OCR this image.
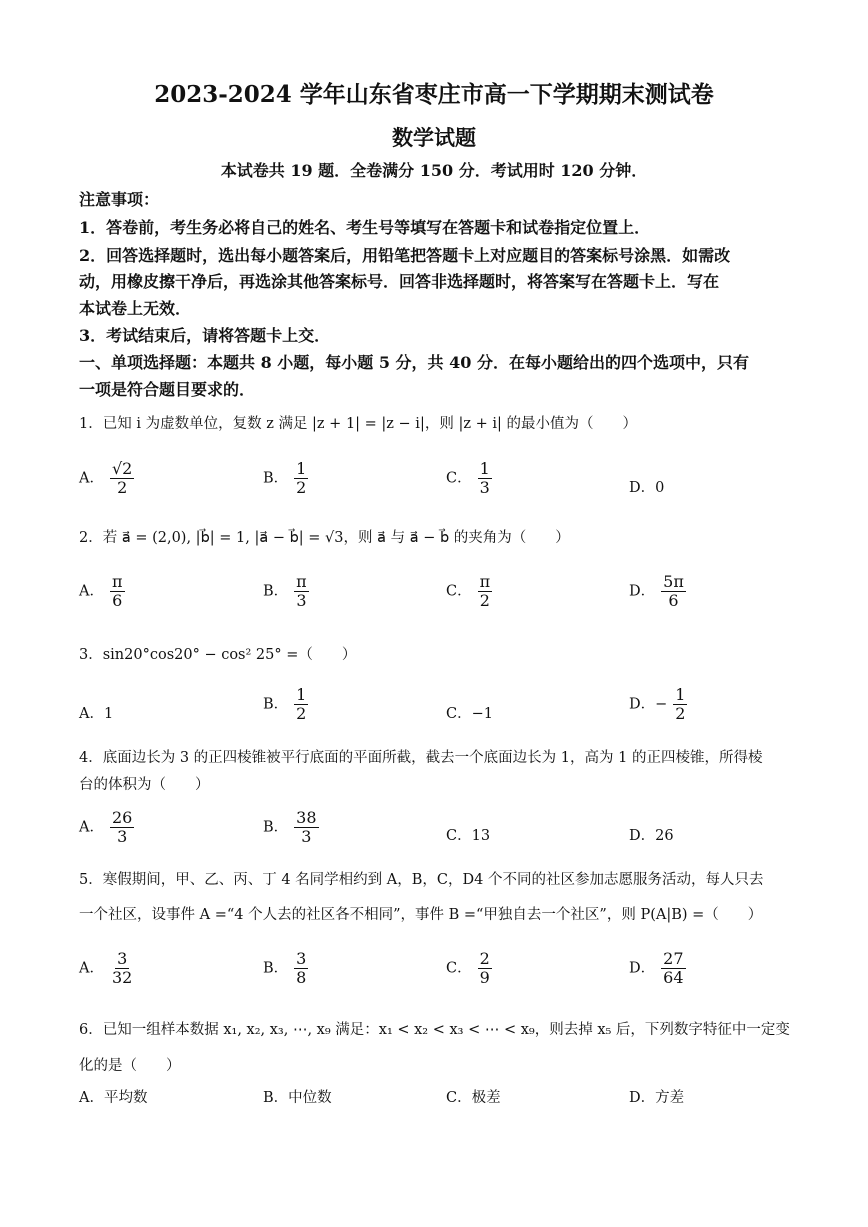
2023-2024 学年山东省枣庄市高一下学期期末测试卷
数学试题
本试卷共 19 题．全卷满分 150 分．考试用时 120 分钟．
注意事项：
1．答卷前，考生务必将自己的姓名、考生号等填写在答题卡和试卷指定位置上．
2．回答选择题时，选出每小题答案后，用铅笔把答题卡上对应题目的答案标号涂黑．如需改
动，用橡皮擦干净后，再选涂其他答案标号．回答非选择题时，将答案写在答题卡上．写在
本试卷上无效．
3．考试结束后，请将答题卡上交．
一、单项选择题：本题共 8 小题，每小题 5 分，共 40 分．在每小题给出的四个选项中，只有
一项是符合题目要求的．
1．已知 i 为虚数单位，复数 z 满足 |z + 1| = |z − i|，则 |z + i| 的最小值为（　　）
A． $\frac{√2}{2}$	B． $\frac{1}{2}$	C． $\frac{1}{3}$	D．0
2．若 a⃗ = (2,0), |b⃗| = 1, |a⃗ − b⃗| = √3，则 a⃗ 与 a⃗ − b⃗ 的夹角为（　　）
A． $\frac{\pi}{6}$	B． $\frac{\pi}{3}$	C． $\frac{\pi}{2}$	D． $\frac{5\pi}{6}$
3．sin20°cos20° − cos² 25° =（　　）
A．1
B． $\frac{1}{2}$	C．−1
D．− $\frac{1}{2}$
4．底面边长为 3 的正四棱锥被平行底面的平面所截，截去一个底面边长为 1，高为 1 的正四棱锥，所得棱
台的体积为（　　）
A． $\frac{26}{3}$	B． $\frac{38}{3}$	C．13	D．26
5．寒假期间，甲、乙、丙、丁 4 名同学相约到 A，B，C，D4 个不同的社区参加志愿服务活动，每人只去
一个社区，设事件 A =“4 个人去的社区各不相同”，事件 B =“甲独自去一个社区”，则 P(A|B) =（　　）
A． $\frac{3}{32}$	B． $\frac{3}{8}$	C． $\frac{2}{9}$	D． $\frac{27}{64}$
6．已知一组样本数据 x₁, x₂, x₃, ⋯, x₉ 满足：x₁ < x₂ < x₃ < ⋯ < x₉，则去掉 x₅ 后，下列数字特征中一定变
化的是（　　）
A．平均数	B．中位数	C．极差	D．方差
